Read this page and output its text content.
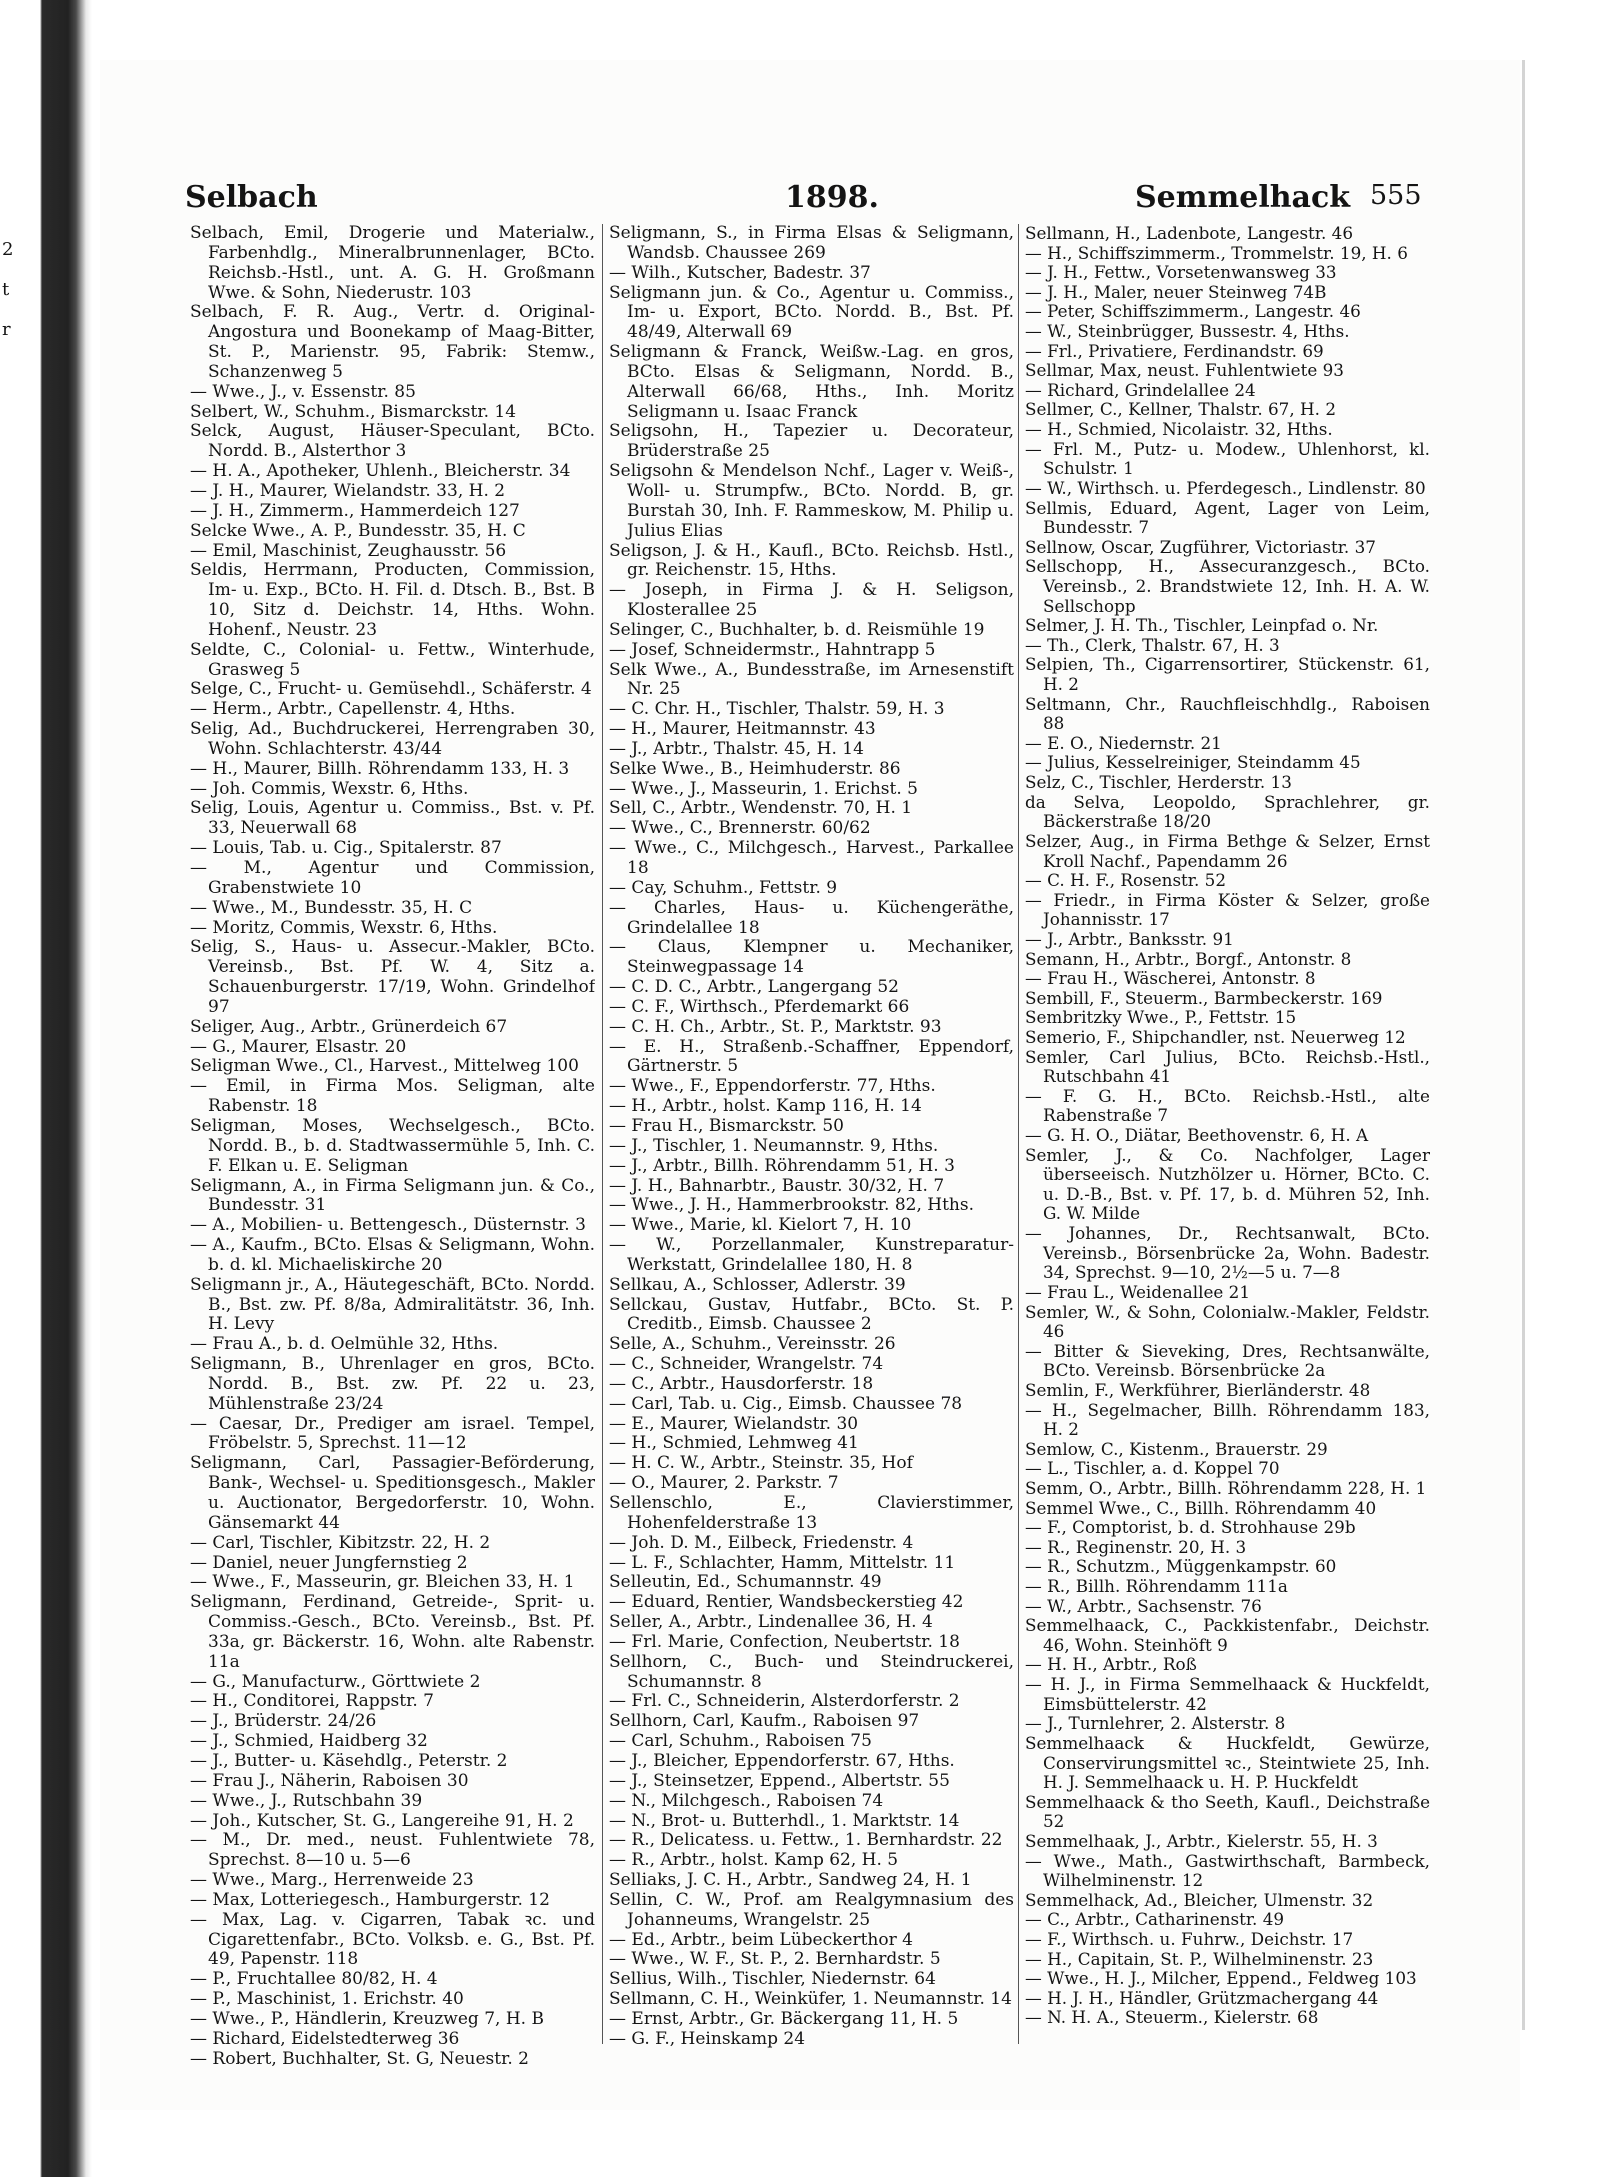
2
t
r
Selbach	1898.	Semmelhack 555

Selbach, Emil, Drogerie und Materialw., Farbenhdlg., Mineralbrunnenlager, BCto. Reichsb.-Hstl., unt. A. G. H. Großmann Wwe. & Sohn, Niederustr. 103

Selbach, F. R. Aug., Vertr. d. Original-Angostura und Boonekamp of Maag-Bitter, St. P., Marienstr. 95, Fabrik: Stemw., Schanzenweg 5

— Wwe., J., v. Essenstr. 85

Selbert, W., Schuhm., Bismarckstr. 14

Selck, August, Häuser-Speculant, BCto. Nordd. B., Alsterthor 3

— H. A., Apotheker, Uhlenh., Bleicherstr. 34

— J. H., Maurer, Wielandstr. 33, H. 2

— J. H., Zimmerm., Hammerdeich 127

Selcke Wwe., A. P., Bundesstr. 35, H. C

— Emil, Maschinist, Zeughausstr. 56

Seldis, Herrmann, Producten, Commission, Im- u. Exp., BCto. H. Fil. d. Dtsch. B., Bst. B 10, Sitz d. Deichstr. 14, Hths. Wohn. Hohenf., Neustr. 23

Seldte, C., Colonial- u. Fettw., Winterhude, Grasweg 5

Selge, C., Frucht- u. Gemüsehdl., Schäferstr. 4

— Herm., Arbtr., Capellenstr. 4, Hths.

Selig, Ad., Buchdruckerei, Herrengraben 30, Wohn. Schlachterstr. 43/44

— H., Maurer, Billh. Röhrendamm 133, H. 3

— Joh. Commis, Wexstr. 6, Hths.

Selig, Louis, Agentur u. Commiss., Bst. v. Pf. 33, Neuerwall 68

— Louis, Tab. u. Cig., Spitalerstr. 87

— M., Agentur und Commission, Grabenstwiete 10

— Wwe., M., Bundesstr. 35, H. C

— Moritz, Commis, Wexstr. 6, Hths.

Selig, S., Haus- u. Assecur.-Makler, BCto. Vereinsb., Bst. Pf. W. 4, Sitz a. Schauenburgerstr. 17/19, Wohn. Grindelhof 97

Seliger, Aug., Arbtr., Grünerdeich 67

— G., Maurer, Elsastr. 20

Seligman Wwe., Cl., Harvest., Mittelweg 100

— Emil, in Firma Mos. Seligman, alte Rabenstr. 18

Seligman, Moses, Wechselgesch., BCto. Nordd. B., b. d. Stadtwassermühle 5, Inh. C. F. Elkan u. E. Seligman

Seligmann, A., in Firma Seligmann jun. & Co., Bundesstr. 31

— A., Mobilien- u. Bettengesch., Düsternstr. 3

— A., Kaufm., BCto. Elsas & Seligmann, Wohn. b. d. kl. Michaeliskirche 20

Seligmann jr., A., Häutegeschäft, BCto. Nordd. B., Bst. zw. Pf. 8/8a, Admiralitätstr. 36, Inh. H. Levy

— Frau A., b. d. Oelmühle 32, Hths.

Seligmann, B., Uhrenlager en gros, BCto. Nordd. B., Bst. zw. Pf. 22 u. 23, Mühlenstraße 23/24

— Caesar, Dr., Prediger am israel. Tempel, Fröbelstr. 5, Sprechst. 11—12

Seligmann, Carl, Passagier-Beförderung, Bank-, Wechsel- u. Speditionsgesch., Makler u. Auctionator, Bergedorferstr. 10, Wohn. Gänsemarkt 44

— Carl, Tischler, Kibitzstr. 22, H. 2

— Daniel, neuer Jungfernstieg 2

— Wwe., F., Masseurin, gr. Bleichen 33, H. 1

Seligmann, Ferdinand, Getreide-, Sprit- u. Commiss.-Gesch., BCto. Vereinsb., Bst. Pf. 33a, gr. Bäckerstr. 16, Wohn. alte Rabenstr. 11a

— G., Manufacturw., Görttwiete 2

— H., Conditorei, Rappstr. 7

— J., Brüderstr. 24/26

— J., Schmied, Haidberg 32

— J., Butter- u. Käsehdlg., Peterstr. 2

— Frau J., Näherin, Raboisen 30

— Wwe., J., Rutschbahn 39

— Joh., Kutscher, St. G., Langereihe 91, H. 2

— M., Dr. med., neust. Fuhlentwiete 78, Sprechst. 8—10 u. 5—6

— Wwe., Marg., Herrenweide 23

— Max, Lotteriegesch., Hamburgerstr. 12

— Max, Lag. v. Cigarren, Tabak ꝛc. und Cigarettenfabr., BCto. Volksb. e. G., Bst. Pf. 49, Papenstr. 118

— P., Fruchtallee 80/82, H. 4

— P., Maschinist, 1. Erichstr. 40

— Wwe., P., Händlerin, Kreuzweg 7, H. B

— Richard, Eidelstedterweg 36

— Robert, Buchhalter, St. G, Neuestr. 2

Seligmann, S., in Firma Elsas & Seligmann, Wandsb. Chaussee 269

— Wilh., Kutscher, Badestr. 37

Seligmann jun. & Co., Agentur u. Commiss., Im- u. Export, BCto. Nordd. B., Bst. Pf. 48/49, Alterwall 69

Seligmann & Franck, Weißw.-Lag. en gros, BCto. Elsas & Seligmann, Nordd. B., Alterwall 66/68, Hths., Inh. Moritz Seligmann u. Isaac Franck

Seligsohn, H., Tapezier u. Decorateur, Brüderstraße 25

Seligsohn & Mendelson Nchf., Lager v. Weiß-, Woll- u. Strumpfw., BCto. Nordd. B, gr. Burstah 30, Inh. F. Rammeskow, M. Philip u. Julius Elias

Seligson, J. & H., Kaufl., BCto. Reichsb. Hstl., gr. Reichenstr. 15, Hths.

— Joseph, in Firma J. & H. Seligson, Klosterallee 25

Selinger, C., Buchhalter, b. d. Reismühle 19

— Josef, Schneidermstr., Hahntrapp 5

Selk Wwe., A., Bundesstraße, im Arnesenstift Nr. 25

— C. Chr. H., Tischler, Thalstr. 59, H. 3

— H., Maurer, Heitmannstr. 43

— J., Arbtr., Thalstr. 45, H. 14

Selke Wwe., B., Heimhuderstr. 86

— Wwe., J., Masseurin, 1. Erichst. 5

Sell, C., Arbtr., Wendenstr. 70, H. 1

— Wwe., C., Brennerstr. 60/62

— Wwe., C., Milchgesch., Harvest., Parkallee 18

— Cay, Schuhm., Fettstr. 9

— Charles, Haus- u. Küchengeräthe, Grindelallee 18

— Claus, Klempner u. Mechaniker, Steinwegpassage 14

— C. D. C., Arbtr., Langergang 52

— C. F., Wirthsch., Pferdemarkt 66

— C. H. Ch., Arbtr., St. P., Marktstr. 93

— E. H., Straßenb.-Schaffner, Eppendorf, Gärtnerstr. 5

— Wwe., F., Eppendorferstr. 77, Hths.

— H., Arbtr., holst. Kamp 116, H. 14

— Frau H., Bismarckstr. 50

— J., Tischler, 1. Neumannstr. 9, Hths.

— J., Arbtr., Billh. Röhrendamm 51, H. 3

— J. H., Bahnarbtr., Baustr. 30/32, H. 7

— Wwe., J. H., Hammerbrookstr. 82, Hths.

— Wwe., Marie, kl. Kielort 7, H. 10

— W., Porzellanmaler, Kunstreparatur-Werkstatt, Grindelallee 180, H. 8

Sellkau, A., Schlosser, Adlerstr. 39

Sellckau, Gustav, Hutfabr., BCto. St. P. Creditb., Eimsb. Chaussee 2

Selle, A., Schuhm., Vereinsstr. 26

— C., Schneider, Wrangelstr. 74

— C., Arbtr., Hausdorferstr. 18

— Carl, Tab. u. Cig., Eimsb. Chaussee 78

— E., Maurer, Wielandstr. 30

— H., Schmied, Lehmweg 41

— H. C. W., Arbtr., Steinstr. 35, Hof

— O., Maurer, 2. Parkstr. 7

Sellenschlo, E., Clavierstimmer, Hohenfelderstraße 13

— Joh. D. M., Eilbeck, Friedenstr. 4

— L. F., Schlachter, Hamm, Mittelstr. 11

Selleutin, Ed., Schumannstr. 49

— Eduard, Rentier, Wandsbeckerstieg 42

Seller, A., Arbtr., Lindenallee 36, H. 4

— Frl. Marie, Confection, Neubertstr. 18

Sellhorn, C., Buch- und Steindruckerei, Schumannstr. 8

— Frl. C., Schneiderin, Alsterdorferstr. 2

Sellhorn, Carl, Kaufm., Raboisen 97

— Carl, Schuhm., Raboisen 75

— J., Bleicher, Eppendorferstr. 67, Hths.

— J., Steinsetzer, Eppend., Albertstr. 55

— N., Milchgesch., Raboisen 74

— N., Brot- u. Butterhdl., 1. Marktstr. 14

— R., Delicatess. u. Fettw., 1. Bernhardstr. 22

— R., Arbtr., holst. Kamp 62, H. 5

Selliaks, J. C. H., Arbtr., Sandweg 24, H. 1

Sellin, C. W., Prof. am Realgymnasium des Johanneums, Wrangelstr. 25

— Ed., Arbtr., beim Lübeckerthor 4

— Wwe., W. F., St. P., 2. Bernhardstr. 5

Sellius, Wilh., Tischler, Niedernstr. 64

Sellmann, C. H., Weinküfer, 1. Neumannstr. 14

— Ernst, Arbtr., Gr. Bäckergang 11, H. 5

— G. F., Heinskamp 24

Sellmann, H., Ladenbote, Langestr. 46

— H., Schiffszimmerm., Trommelstr. 19, H. 6

— J. H., Fettw., Vorsetenwansweg 33

— J. H., Maler, neuer Steinweg 74B

— Peter, Schiffszimmerm., Langestr. 46

— W., Steinbrügger, Bussestr. 4, Hths.

— Frl., Privatiere, Ferdinandstr. 69

Sellmar, Max, neust. Fuhlentwiete 93

— Richard, Grindelallee 24

Sellmer, C., Kellner, Thalstr. 67, H. 2

— H., Schmied, Nicolaistr. 32, Hths.

— Frl. M., Putz- u. Modew., Uhlenhorst, kl. Schulstr. 1

— W., Wirthsch. u. Pferdegesch., Lindlenstr. 80

Sellmis, Eduard, Agent, Lager von Leim, Bundesstr. 7

Sellnow, Oscar, Zugführer, Victoriastr. 37

Sellschopp, H., Assecuranzgesch., BCto. Vereinsb., 2. Brandstwiete 12, Inh. H. A. W. Sellschopp

Selmer, J. H. Th., Tischler, Leinpfad o. Nr.

— Th., Clerk, Thalstr. 67, H. 3

Selpien, Th., Cigarrensortirer, Stückenstr. 61, H. 2

Seltmann, Chr., Rauchfleischhdlg., Raboisen 88

— E. O., Niedernstr. 21

— Julius, Kesselreiniger, Steindamm 45

Selz, C., Tischler, Herderstr. 13

da Selva, Leopoldo, Sprachlehrer, gr. Bäckerstraße 18/20

Selzer, Aug., in Firma Bethge & Selzer, Ernst Kroll Nachf., Papendamm 26

— C. H. F., Rosenstr. 52

— Friedr., in Firma Köster & Selzer, große Johannisstr. 17

— J., Arbtr., Banksstr. 91

Semann, H., Arbtr., Borgf., Antonstr. 8

— Frau H., Wäscherei, Antonstr. 8

Sembill, F., Steuerm., Barmbeckerstr. 169

Sembritzky Wwe., P., Fettstr. 15

Semerio, F., Shipchandler, nst. Neuerweg 12

Semler, Carl Julius, BCto. Reichsb.-Hstl., Rutschbahn 41

— F. G. H., BCto. Reichsb.-Hstl., alte Rabenstraße 7

— G. H. O., Diätar, Beethovenstr. 6, H. A

Semler, J., & Co. Nachfolger, Lager überseeisch. Nutzhölzer u. Hörner, BCto. C. u. D.-B., Bst. v. Pf. 17, b. d. Mühren 52, Inh. G. W. Milde

— Johannes, Dr., Rechtsanwalt, BCto. Vereinsb., Börsenbrücke 2a, Wohn. Badestr. 34, Sprechst. 9—10, 2½—5 u. 7—8

— Frau L., Weidenallee 21

Semler, W., & Sohn, Colonialw.-Makler, Feldstr. 46

— Bitter & Sieveking, Dres, Rechtsanwälte, BCto. Vereinsb. Börsenbrücke 2a

Semlin, F., Werkführer, Bierländerstr. 48

— H., Segelmacher, Billh. Röhrendamm 183, H. 2

Semlow, C., Kistenm., Brauerstr. 29

— L., Tischler, a. d. Koppel 70

Semm, O., Arbtr., Billh. Röhrendamm 228, H. 1

Semmel Wwe., C., Billh. Röhrendamm 40

— F., Comptorist, b. d. Strohhause 29b

— R., Reginenstr. 20, H. 3

— R., Schutzm., Müggenkampstr. 60

— R., Billh. Röhrendamm 111a

— W., Arbtr., Sachsenstr. 76

Semmelhaack, C., Packkistenfabr., Deichstr. 46, Wohn. Steinhöft 9

— H. H., Arbtr., Roß

— H. J., in Firma Semmelhaack & Huckfeldt, Eimsbüttelerstr. 42

— J., Turnlehrer, 2. Alsterstr. 8

Semmelhaack & Huckfeldt, Gewürze, Conservirungsmittel ꝛc., Steintwiete 25, Inh. H. J. Semmelhaack u. H. P. Huckfeldt

Semmelhaack & tho Seeth, Kaufl., Deichstraße 52

Semmelhaak, J., Arbtr., Kielerstr. 55, H. 3

— Wwe., Math., Gastwirthschaft, Barmbeck, Wilhelminenstr. 12

Semmelhack, Ad., Bleicher, Ulmenstr. 32

— C., Arbtr., Catharinenstr. 49

— F., Wirthsch. u. Fuhrw., Deichstr. 17

— H., Capitain, St. P., Wilhelminenstr. 23

— Wwe., H. J., Milcher, Eppend., Feldweg 103

— H. J. H., Händler, Grützmachergang 44

— N. H. A., Steuerm., Kielerstr. 68
